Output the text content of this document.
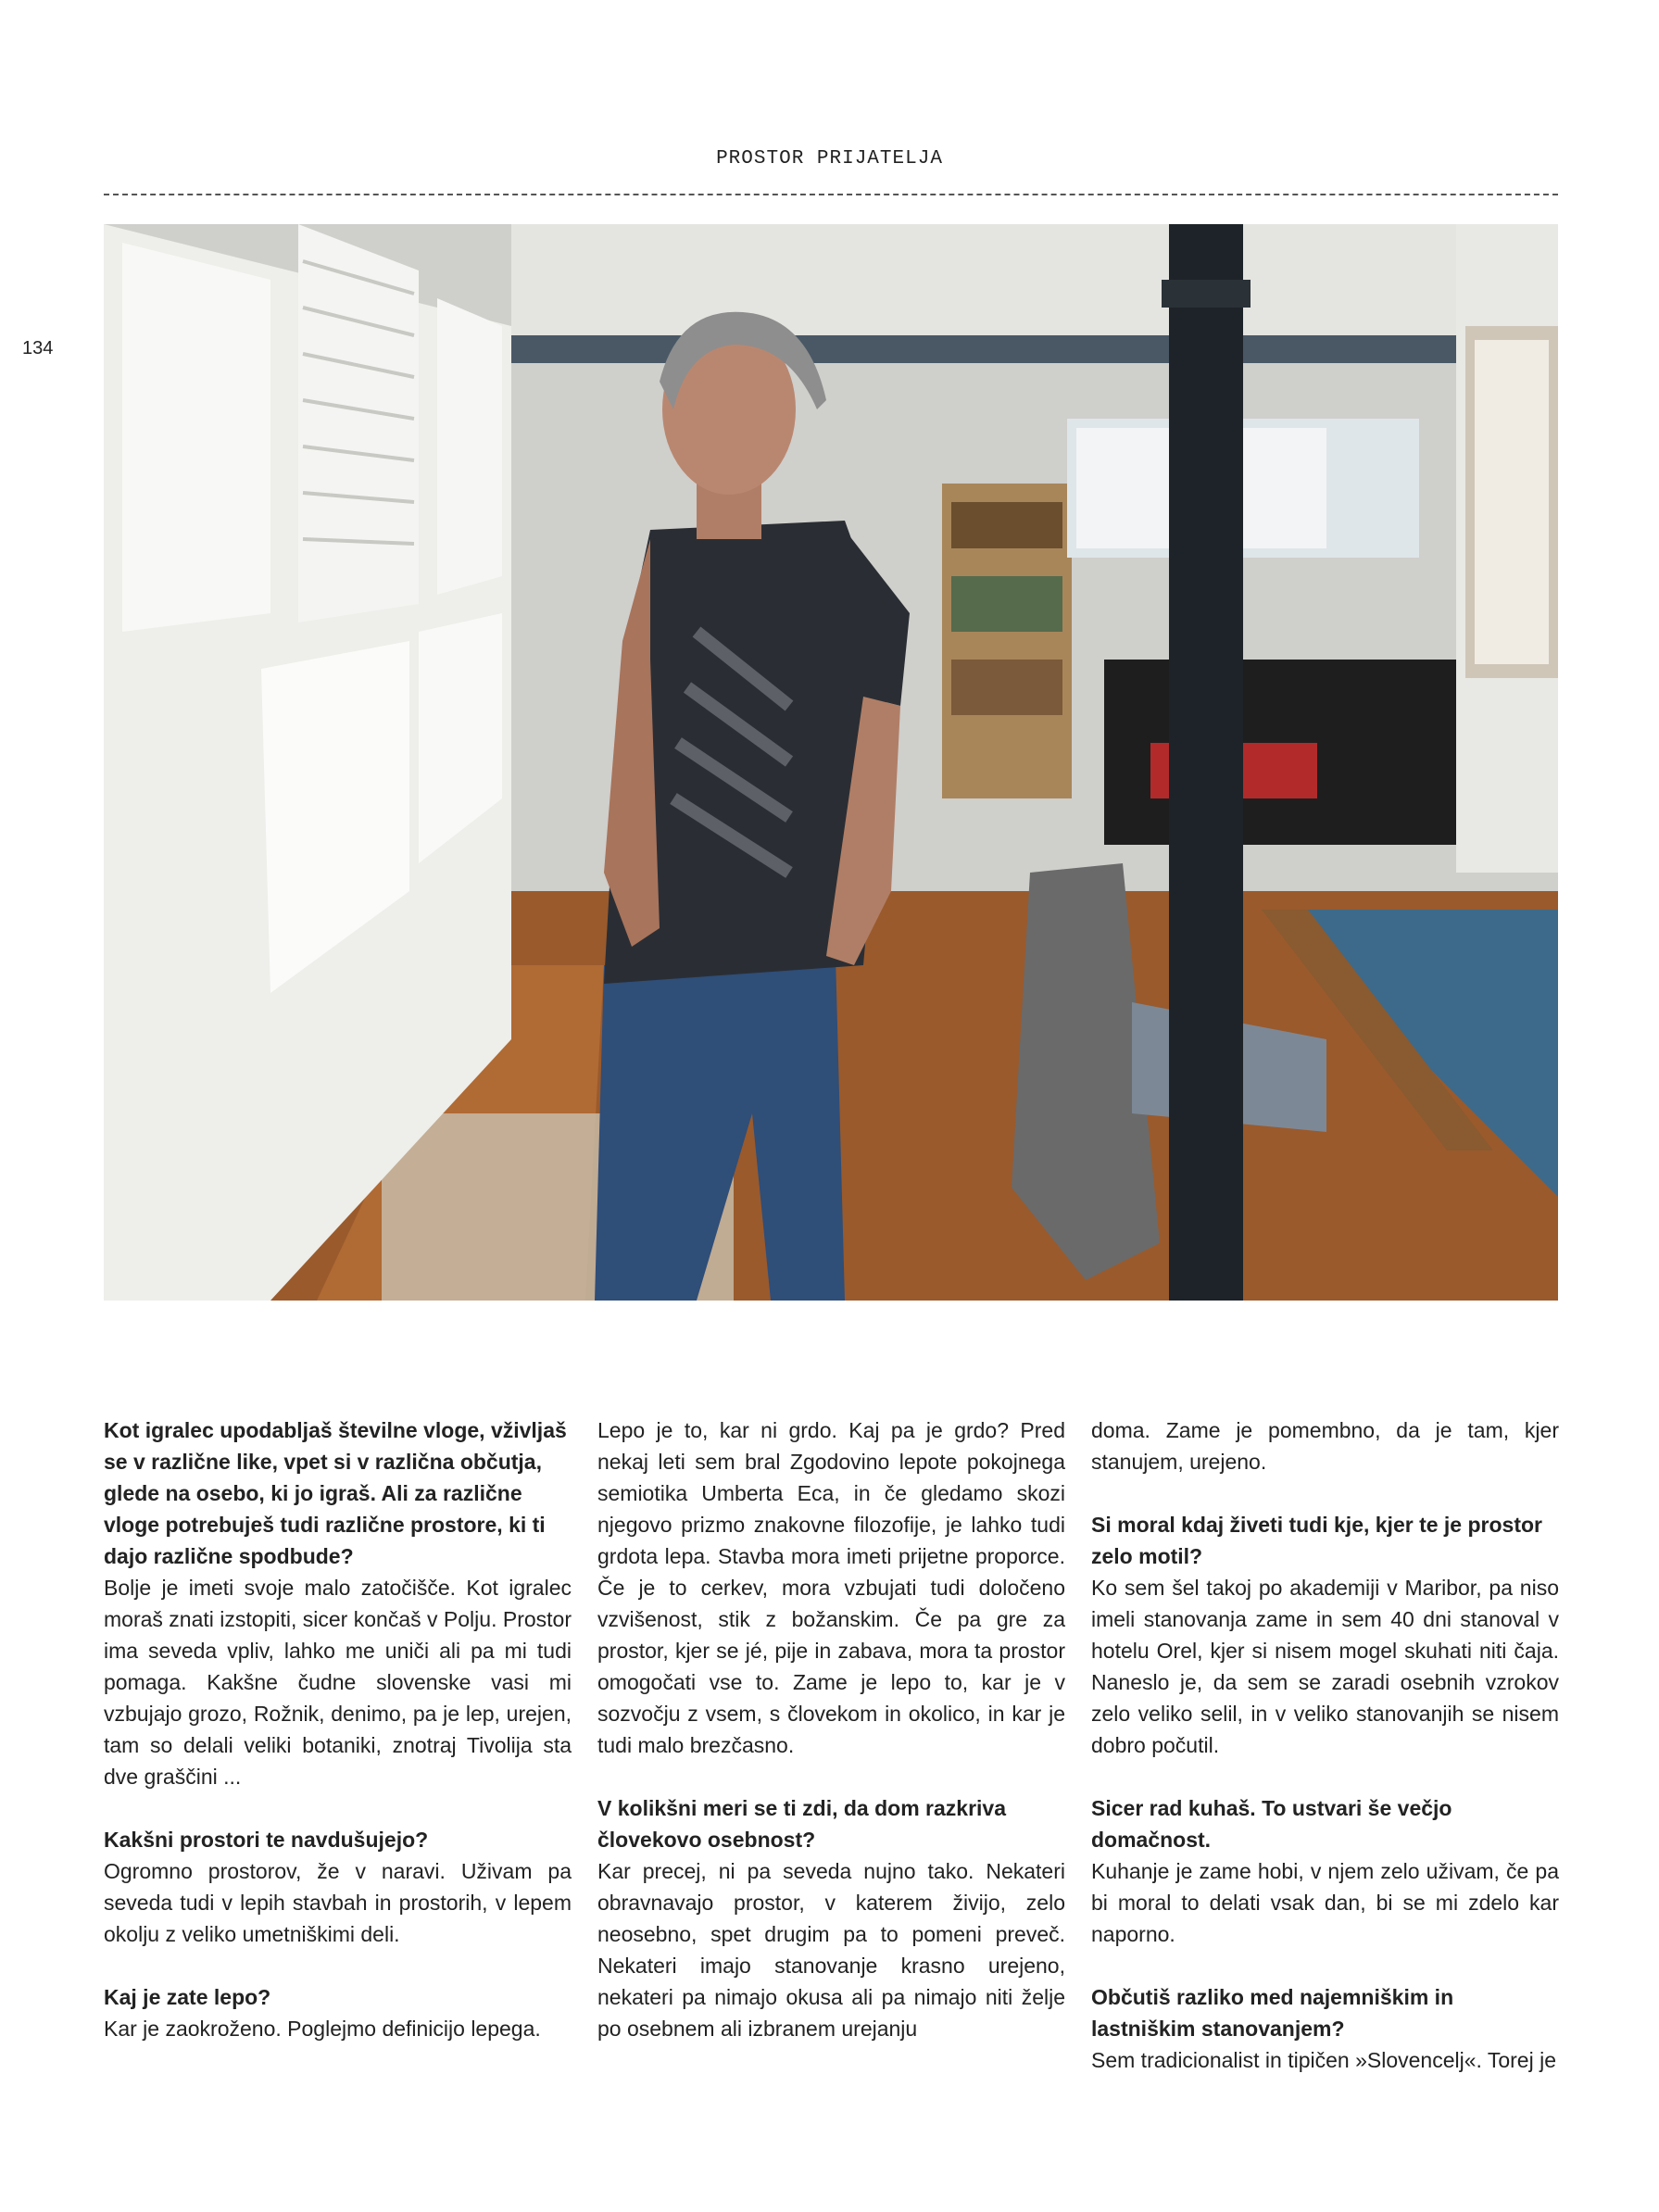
PROSTOR PRIJATELJA
134

Kot igralec upodabljaš številne vloge, vživljaš se v različne like, vpet si v različna občutja, glede na osebo, ki jo igraš. Ali za različne vloge potrebuješ tudi različne prostore, ki ti dajo različne spodbude?

Bolje je imeti svoje malo zatočišče. Kot igralec moraš znati izstopiti, sicer končaš v Polju. Prostor ima seveda vpliv, lahko me uniči ali pa mi tudi pomaga. Kakšne čudne slovenske vasi mi vzbujajo grozo, Rožnik, denimo, pa je lep, urejen, tam so delali veliki botaniki, znotraj Tivolija sta dve graščini ...

Kakšni prostori te navdušujejo?

Ogromno prostorov, že v naravi. Uživam pa seveda tudi v lepih stavbah in prostorih, v lepem okolju z veliko umetniškimi deli.

Kaj je zate lepo?

Kar je zaokroženo. Poglejmo definicijo lepega.

Lepo je to, kar ni grdo. Kaj pa je grdo? Pred nekaj leti sem bral Zgodovino lepote pokojnega semiotika Umberta Eca, in če gledamo skozi njegovo prizmo znakovne filozofije, je lahko tudi grdota lepa. Stavba mora imeti prijetne proporce. Če je to cerkev, mora vzbujati tudi določeno vzvišenost, stik z božanskim. Če pa gre za prostor, kjer se jé, pije in zabava, mora ta prostor omogočati vse to. Zame je lepo to, kar je v sozvočju z vsem, s človekom in okolico, in kar je tudi malo brezčasno.

V kolikšni meri se ti zdi, da dom razkriva človekovo osebnost?

Kar precej, ni pa seveda nujno tako. Nekateri obravnavajo prostor, v katerem živijo, zelo neosebno, spet drugim pa to pomeni preveč. Nekateri imajo stanovanje krasno urejeno, nekateri pa nimajo okusa ali pa nimajo niti želje po osebnem ali izbranem urejanju

doma. Zame je pomembno, da je tam, kjer stanujem, urejeno.

Si moral kdaj živeti tudi kje, kjer te je prostor zelo motil?

Ko sem šel takoj po akademiji v Maribor, pa niso imeli stanovanja zame in sem 40 dni stanoval v hotelu Orel, kjer si nisem mogel skuhati niti čaja. Naneslo je, da sem se zaradi osebnih vzrokov zelo veliko selil, in v veliko stanovanjih se nisem dobro počutil.

Sicer rad kuhaš. To ustvari še večjo domačnost.

Kuhanje je zame hobi, v njem zelo uživam, če pa bi moral to delati vsak dan, bi se mi zdelo kar naporno.

Občutiš razliko med najemniškim in lastniškim stanovanjem?

Sem tradicionalist in tipičen »Slovencelj«. Torej je
